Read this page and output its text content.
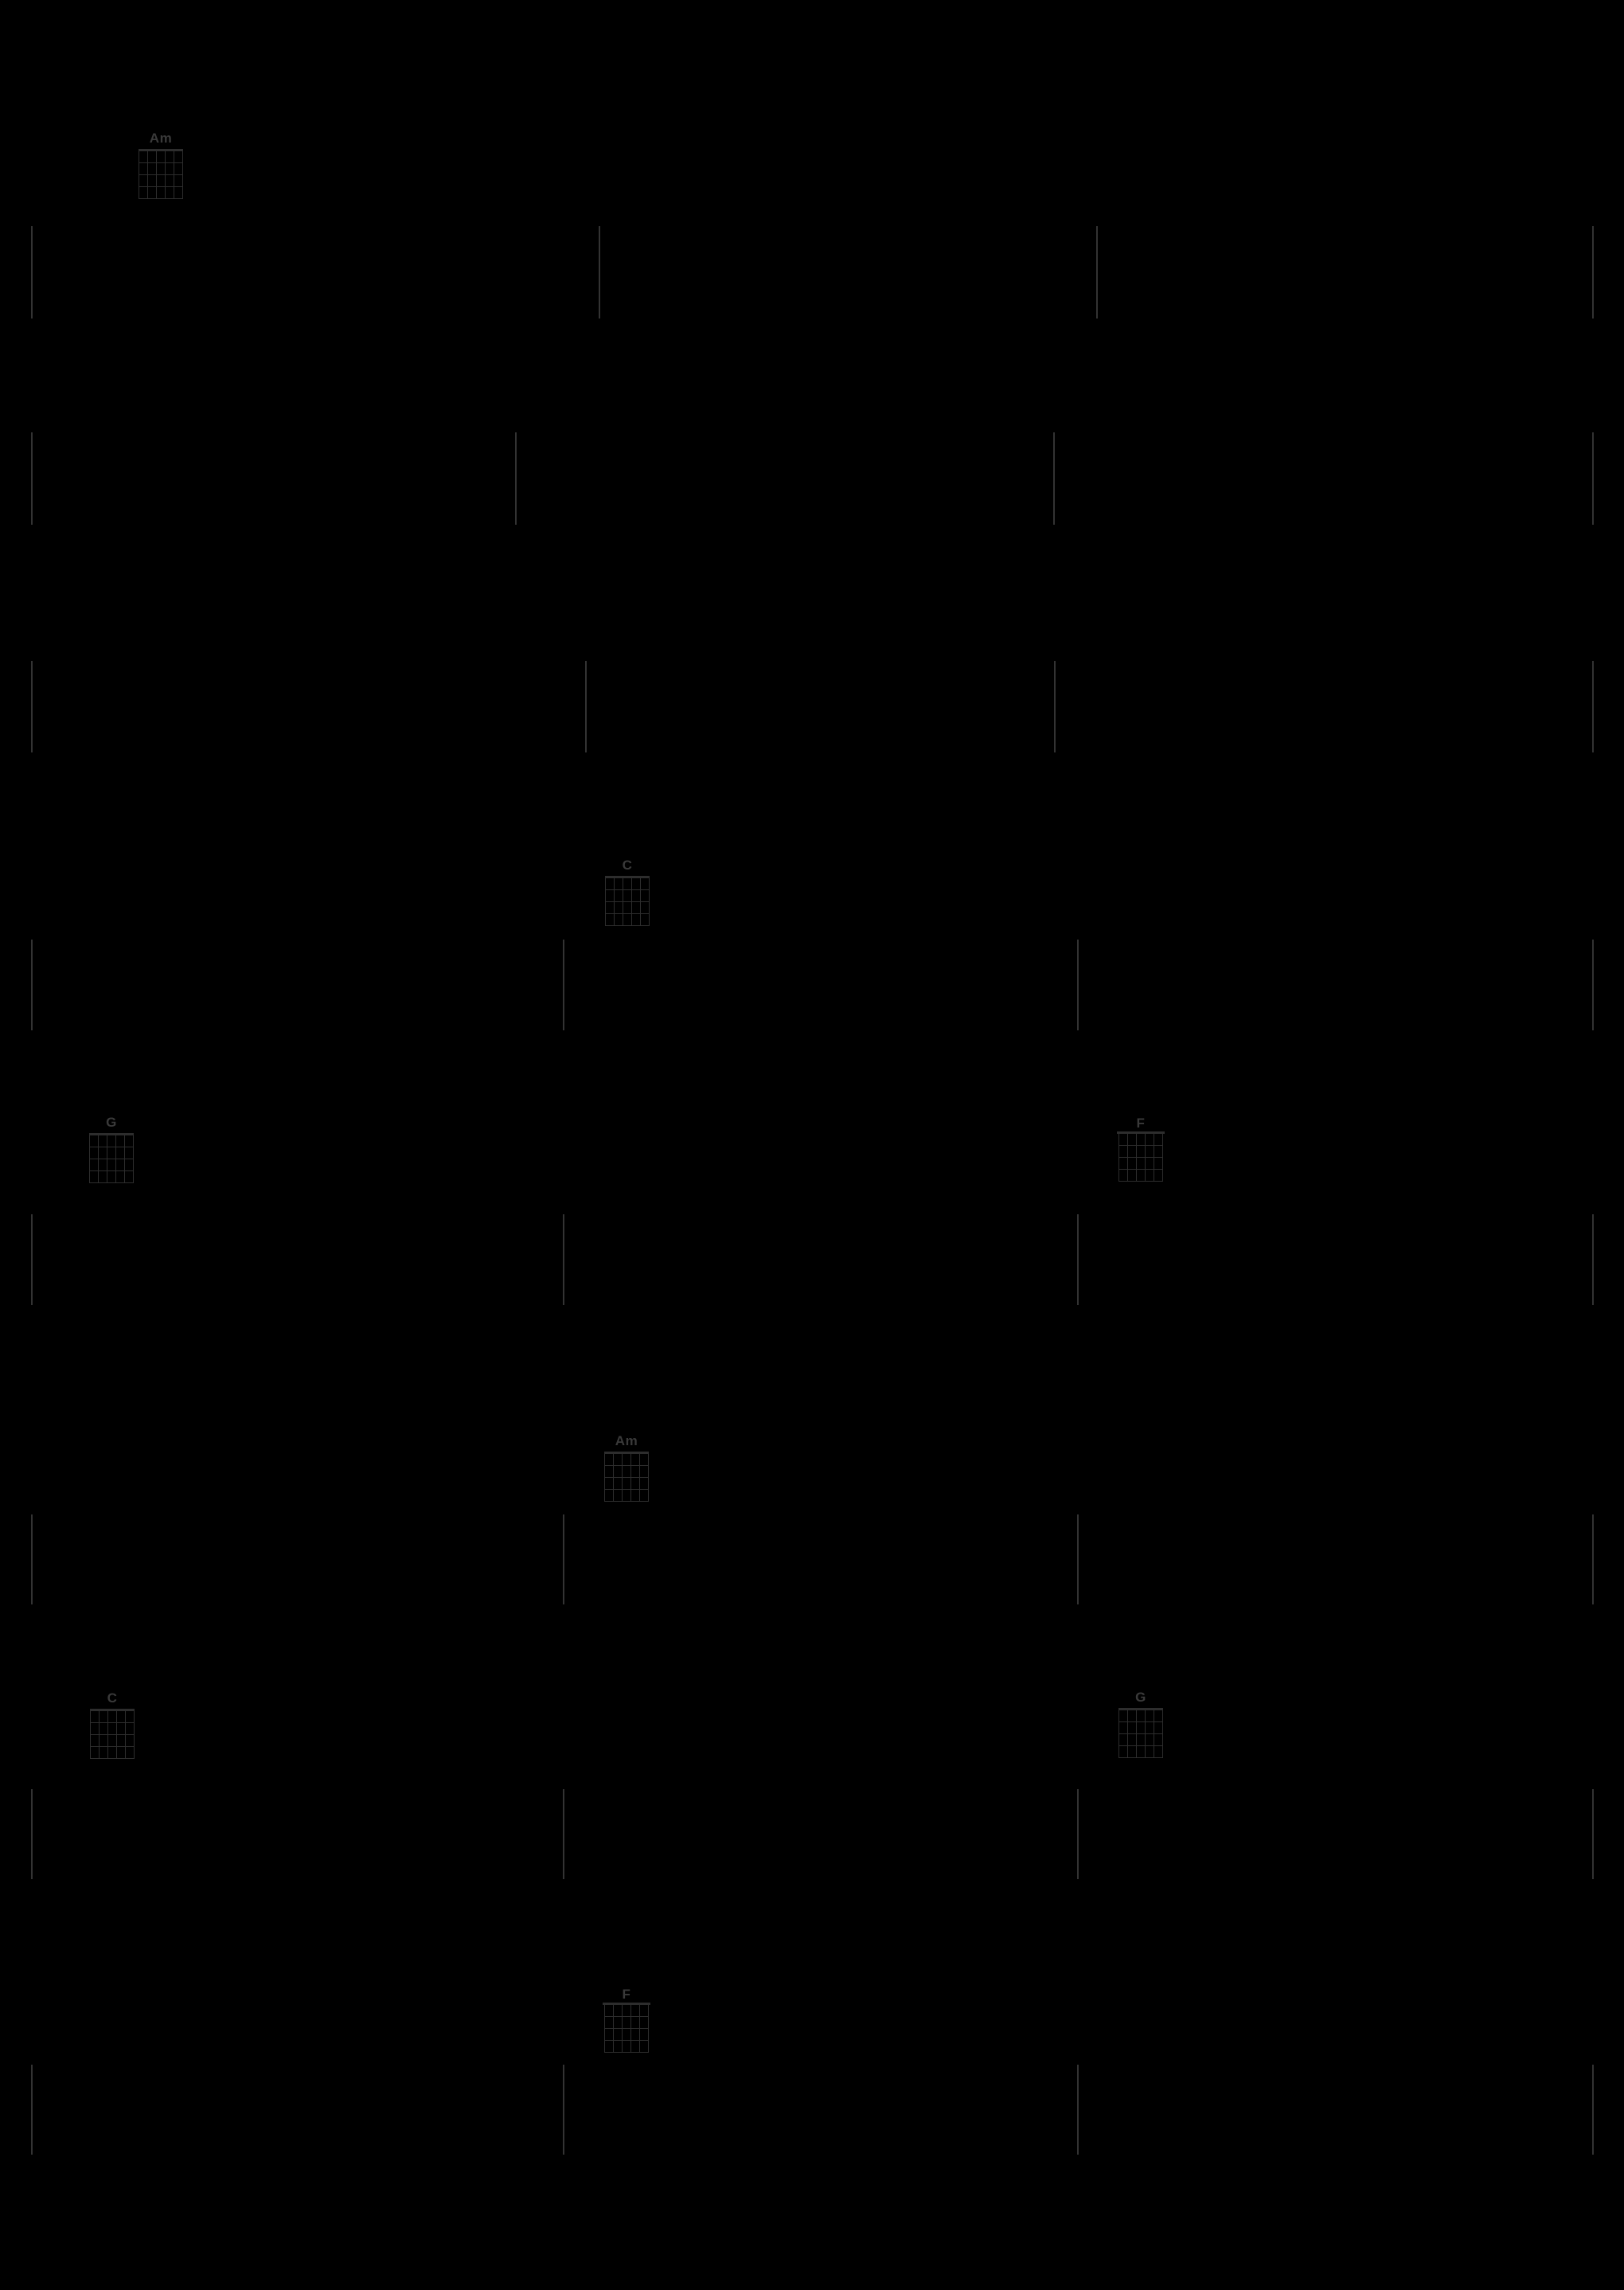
Am
C
G	F
Am
C	G
F
